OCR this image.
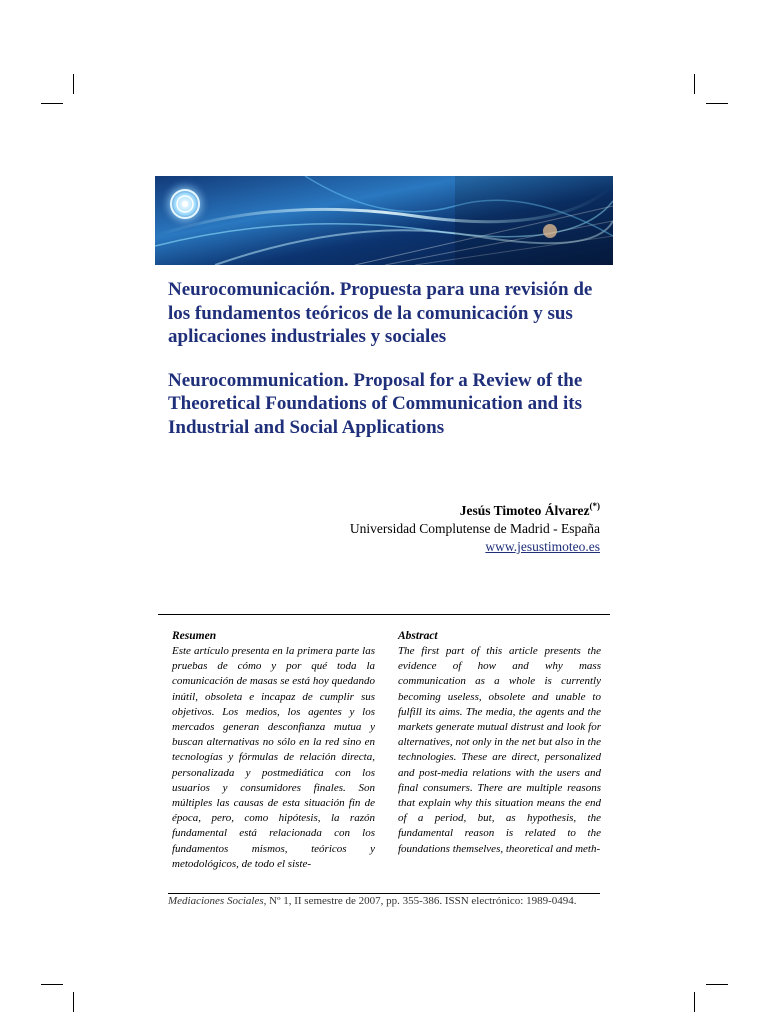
Neurocomunicación. Propuesta para una revisión de los fundamentos teóricos de la comunicación y sus aplicaciones industriales y sociales
Neurocommunication. Proposal for a Review of the Theoretical Foundations of Communication and its Industrial and Social Applications
Jesús Timoteo Álvarez(*)
Universidad Complutense de Madrid - España
www.jesustimoteo.es
Resumen

Este artículo presenta en la primera parte las pruebas de cómo y por qué toda la comunicación de masas se está hoy quedando inútil, obsoleta e incapaz de cumplir sus objetivos. Los medios, los agentes y los mercados generan desconfianza mutua y buscan alternativas no sólo en la red sino en tecnologías y fórmulas de relación directa, personalizada y postmediática con los usuarios y consumidores finales. Son múltiples las causas de esta situación fin de época, pero, como hipótesis, la razón fundamental está relacionada con los fundamentos mismos, teóricos y metodológicos, de todo el siste-

Abstract

The first part of this article presents the evidence of how and why mass communication as a whole is currently becoming useless, obsolete and unable to fulfill its aims. The media, the agents and the markets generate mutual distrust and look for alternatives, not only in the net but also in the technologies. These are direct, personalized and post-media relations with the users and final consumers. There are multiple reasons that explain why this situation means the end of a period, but, as hypothesis, the fundamental reason is related to the foundations themselves, theoretical and meth-

Mediaciones Sociales, Nº 1, II semestre de 2007, pp. 355-386. ISSN electrónico: 1989-0494.
